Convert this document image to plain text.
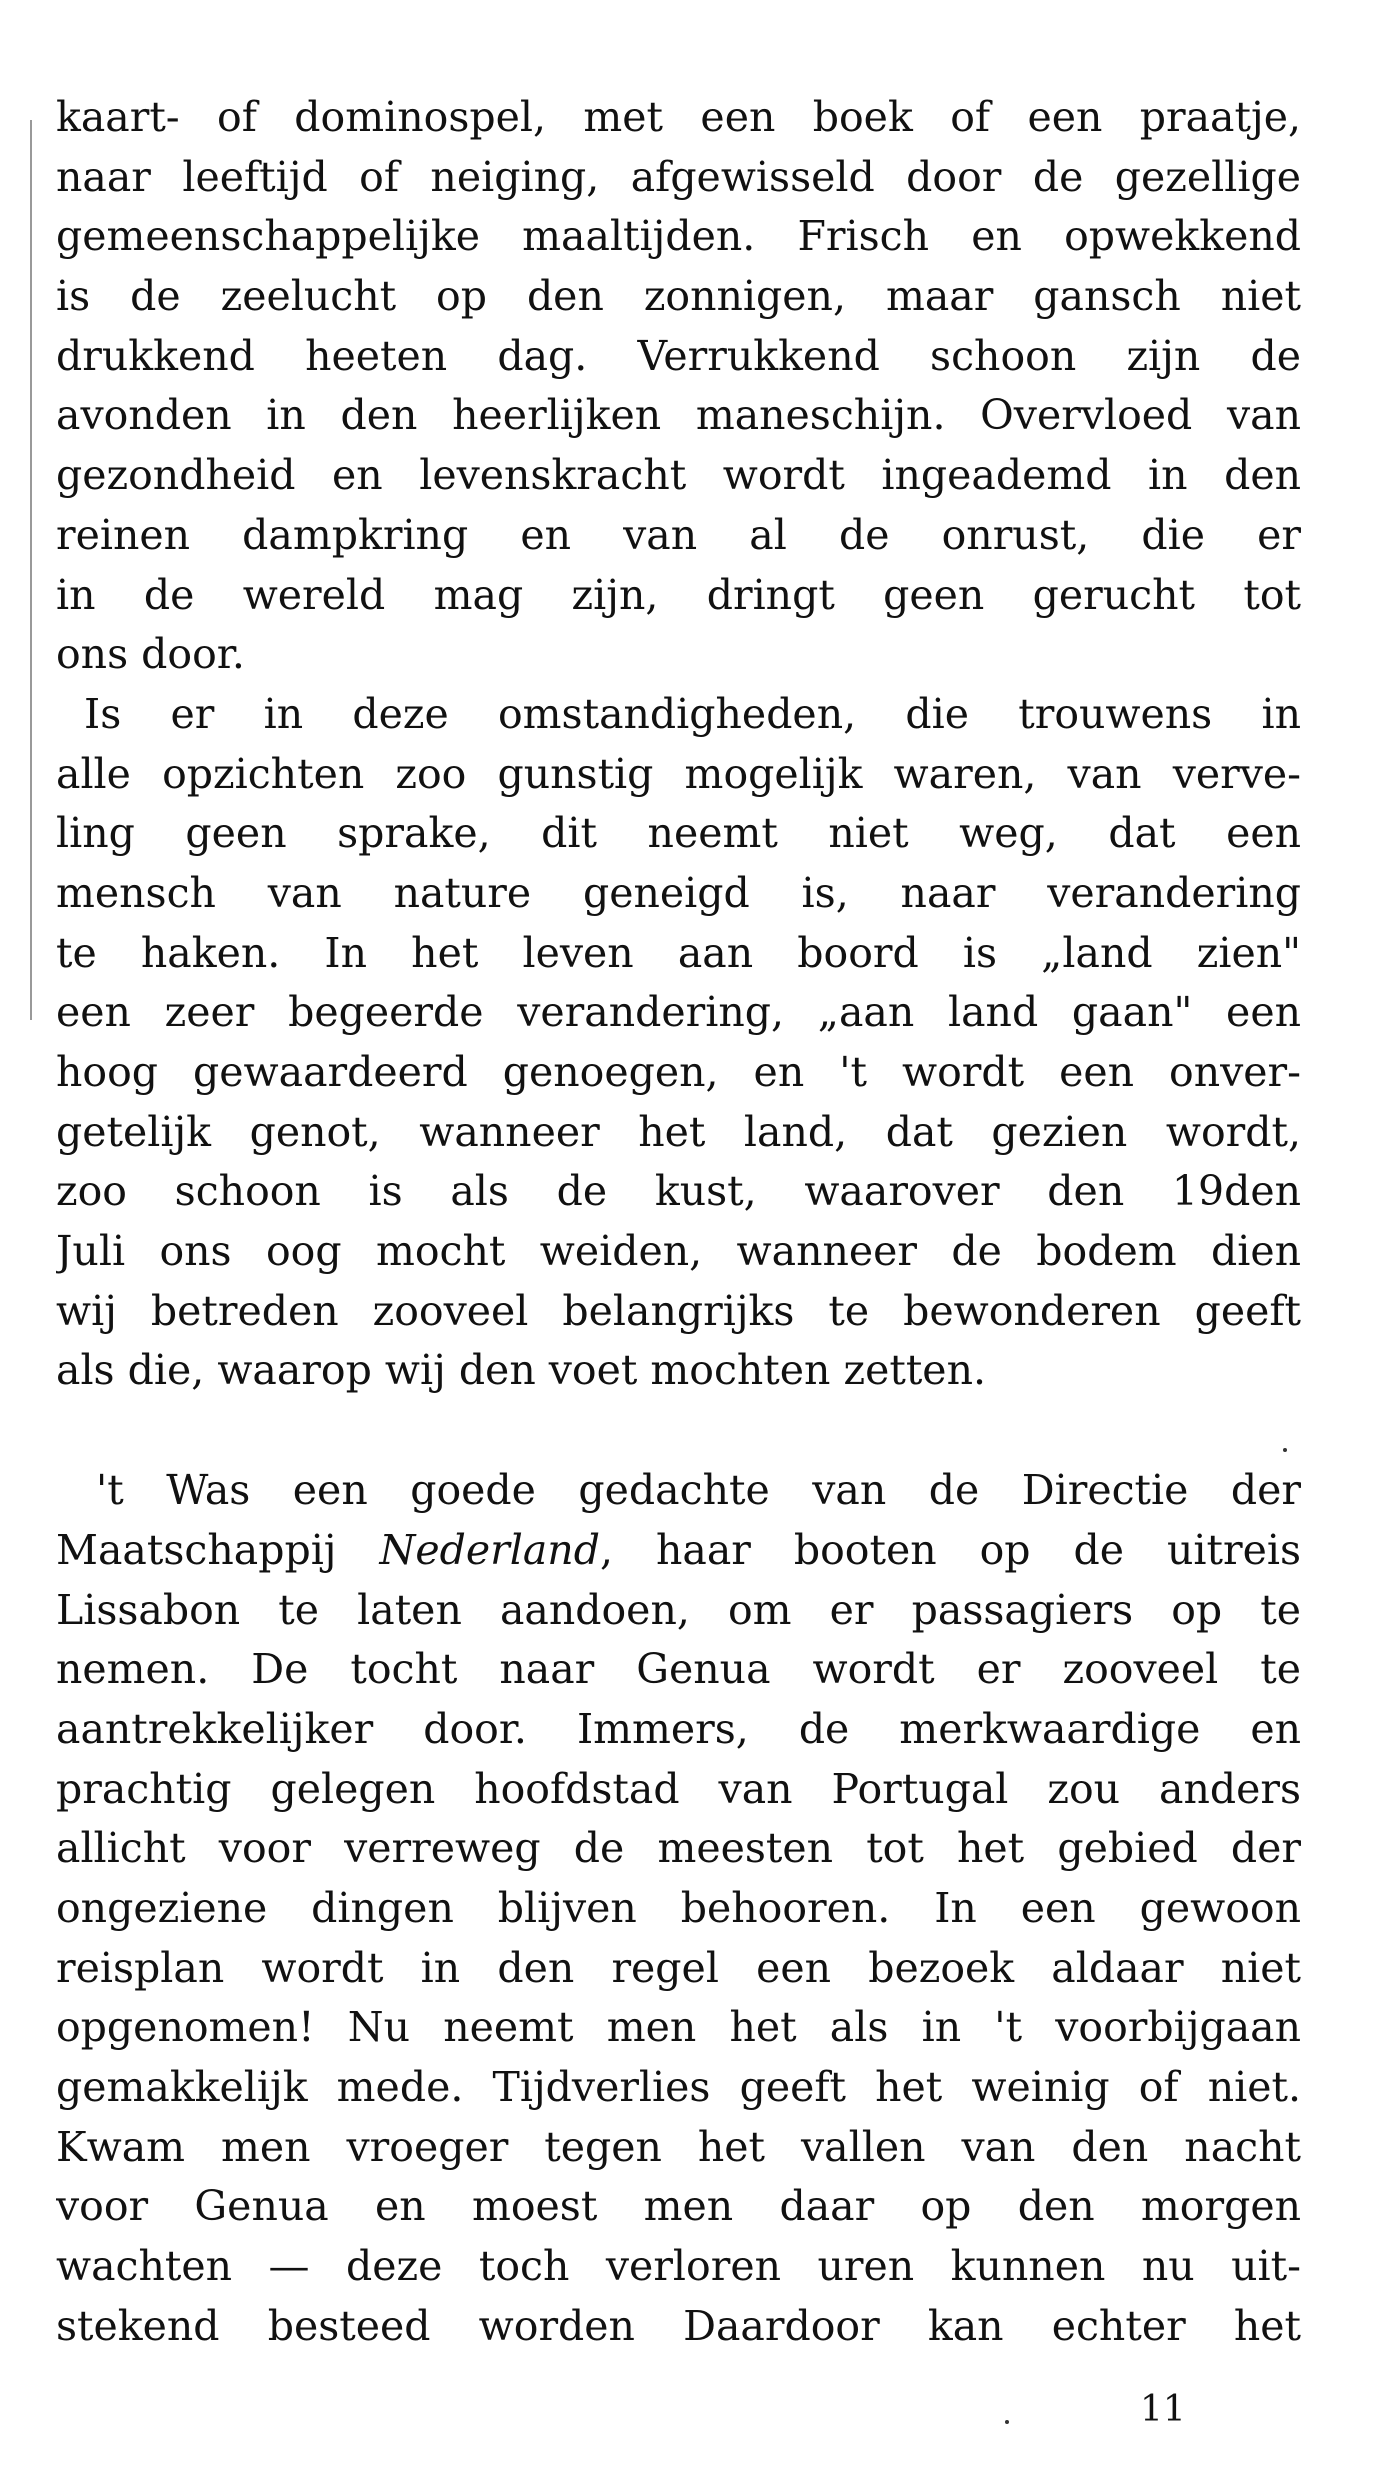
kaart- of dominospel, met een boek of een praatje,
naar leeftijd of neiging, afgewisseld door de gezellige
gemeenschappelijke maaltijden. Frisch en opwekkend
is de zeelucht op den zonnigen, maar gansch niet
drukkend heeten dag. Verrukkend schoon zijn de
avonden in den heerlijken maneschijn. Overvloed van
gezondheid en levenskracht wordt ingeademd in den
reinen dampkring en van al de onrust, die er
in de wereld mag zijn, dringt geen gerucht tot
ons door.
Is er in deze omstandigheden, die trouwens in
alle opzichten zoo gunstig mogelijk waren, van verve-
ling geen sprake, dit neemt niet weg, dat een
mensch van nature geneigd is, naar verandering
te haken. In het leven aan boord is „land zien"
een zeer begeerde verandering, „aan land gaan" een
hoog gewaardeerd genoegen, en 't wordt een onver-
getelijk genot, wanneer het land, dat gezien wordt,
zoo schoon is als de kust, waarover den 19den
Juli ons oog mocht weiden, wanneer de bodem dien
wij betreden zooveel belangrijks te bewonderen geeft
als die, waarop wij den voet mochten zetten.
't Was een goede gedachte van de Directie der
Maatschappij Nederland, haar booten op de uitreis
Lissabon te laten aandoen, om er passagiers op te
nemen. De tocht naar Genua wordt er zooveel te
aantrekkelijker door. Immers, de merkwaardige en
prachtig gelegen hoofdstad van Portugal zou anders
allicht voor verreweg de meesten tot het gebied der
ongeziene dingen blijven behooren. In een gewoon
reisplan wordt in den regel een bezoek aldaar niet
opgenomen! Nu neemt men het als in 't voorbijgaan
gemakkelijk mede. Tijdverlies geeft het weinig of niet.
Kwam men vroeger tegen het vallen van den nacht
voor Genua en moest men daar op den morgen
wachten — deze toch verloren uren kunnen nu uit-
stekend besteed worden Daardoor kan echter het
11
